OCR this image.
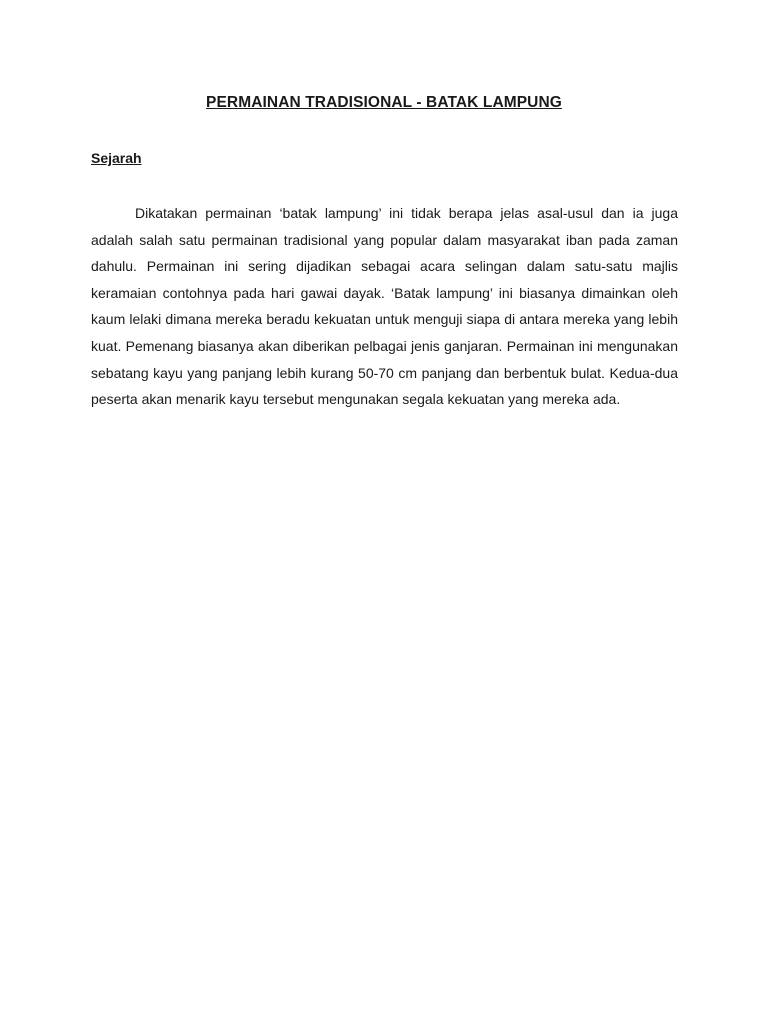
PERMAINAN TRADISIONAL - BATAK LAMPUNG
Sejarah

Dikatakan permainan ‘batak lampung’ ini tidak berapa jelas asal-usul dan ia juga adalah salah satu permainan tradisional yang popular dalam masyarakat iban pada zaman dahulu. Permainan ini sering dijadikan sebagai acara selingan dalam satu-satu majlis keramaian contohnya pada hari gawai dayak. ‘Batak lampung’ ini biasanya dimainkan oleh kaum lelaki dimana mereka beradu kekuatan untuk menguji siapa di antara mereka yang lebih kuat. Pemenang biasanya akan diberikan pelbagai jenis ganjaran. Permainan ini mengunakan sebatang kayu yang panjang lebih kurang 50-70 cm panjang dan berbentuk bulat. Kedua-dua peserta akan menarik kayu tersebut mengunakan segala kekuatan yang mereka ada.
